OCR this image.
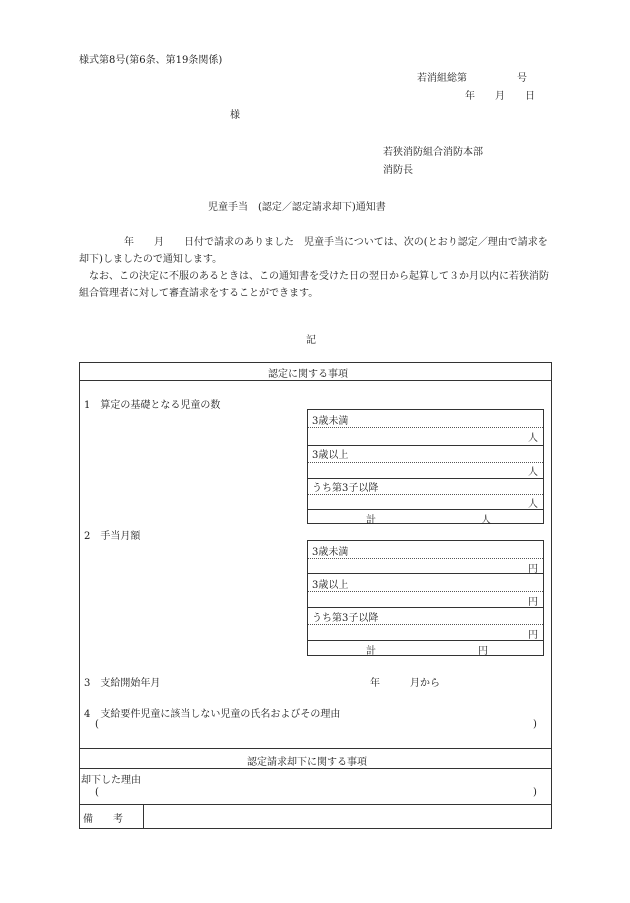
様式第8号(第6条、第19条関係)
若消組総第　　　　　号
年　　月　　日
様
若狭消防組合消防本部
消防長
児童手当　(認定／認定請求却下)通知書

年　　月　　日付で請求のありました　児童手当については、次の(とおり認定／理由で請求を却下)しましたので通知します。

なお、この決定に不服のあるときは、この通知書を受けた日の翌日から起算して３か月以内に若狭消防組合管理者に対して審査請求をすることができます。

記
認定に関する事項
1　算定の基礎となる児童の数
3歳未満
人
3歳以上
人
うち第3子以降
人
計	人
2　手当月額
3歳未満
円
3歳以上
円
うち第3子以降
円
計	円
3　支給開始年月	年　　　月から
4　支給要件児童に該当しない児童の氏名およびその理由
(	)
認定請求却下に関する事項
却下した理由
(	)
備　　考
